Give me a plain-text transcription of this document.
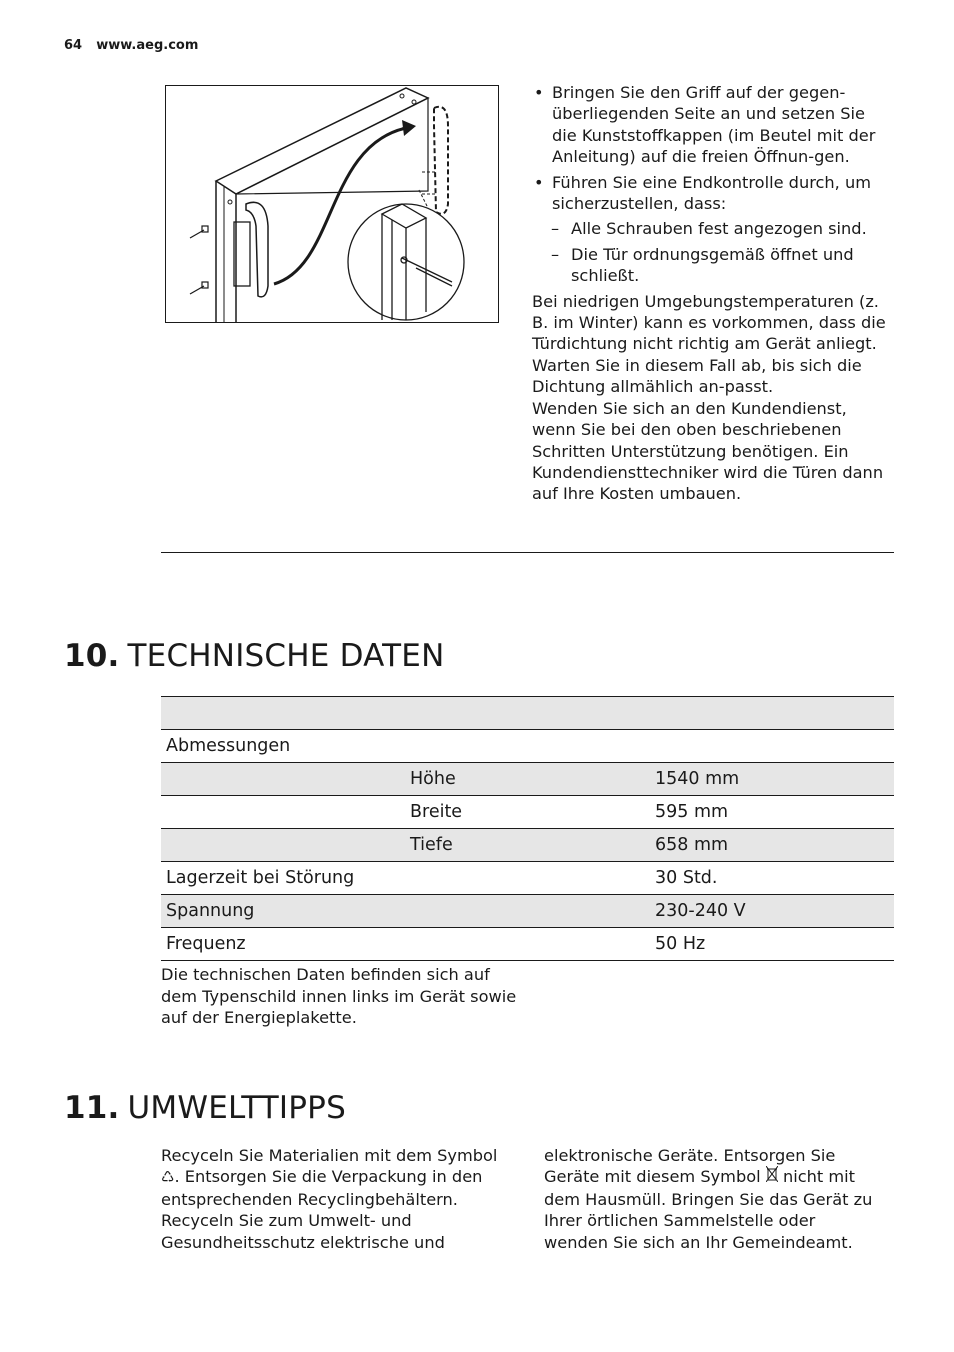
64 www.aeg.com
• Bringen Sie den Griff auf der gegen-überliegenden Seite an und setzen Sie die Kunststoffkappen (im Beutel mit der Anleitung) auf die freien Öffnun-gen.
• Führen Sie eine Endkontrolle durch, um sicherzustellen, dass:
– Alle Schrauben fest angezogen sind.
– Die Tür ordnungsgemäß öffnet und schließt.

Bei niedrigen Umgebungstemperaturen (z. B. im Winter) kann es vorkommen, dass die Türdichtung nicht richtig am Gerät anliegt. Warten Sie in diesem Fall ab, bis sich die Dichtung allmählich an-passt.

Wenden Sie sich an den Kundendienst, wenn Sie bei den oben beschriebenen Schritten Unterstützung benötigen. Ein Kundendiensttechniker wird die Türen dann auf Ihre Kosten umbauen.

10. TECHNISCHE DATEN

Abmessungen		
	Höhe	1540 mm
	Breite	595 mm
	Tiefe	658 mm
Lagerzeit bei Störung		30 Std.
Spannung		230-240 V
Frequenz		50 Hz
Die technischen Daten befinden sich auf dem Typenschild innen links im Gerät sowie auf der Energieplakette.
11. UMWELTTIPPS
Recyceln Sie Materialien mit dem Symbol ♺. Entsorgen Sie die Verpackung in den entsprechenden Recyclingbehältern.
Recyceln Sie zum Umwelt- und Gesundheitsschutz elektrische und
elektronische Geräte. Entsorgen Sie Geräte mit diesem Symbol nicht mit dem Hausmüll. Bringen Sie das Gerät zu Ihrer örtlichen Sammelstelle oder wenden Sie sich an Ihr Gemeindeamt.
